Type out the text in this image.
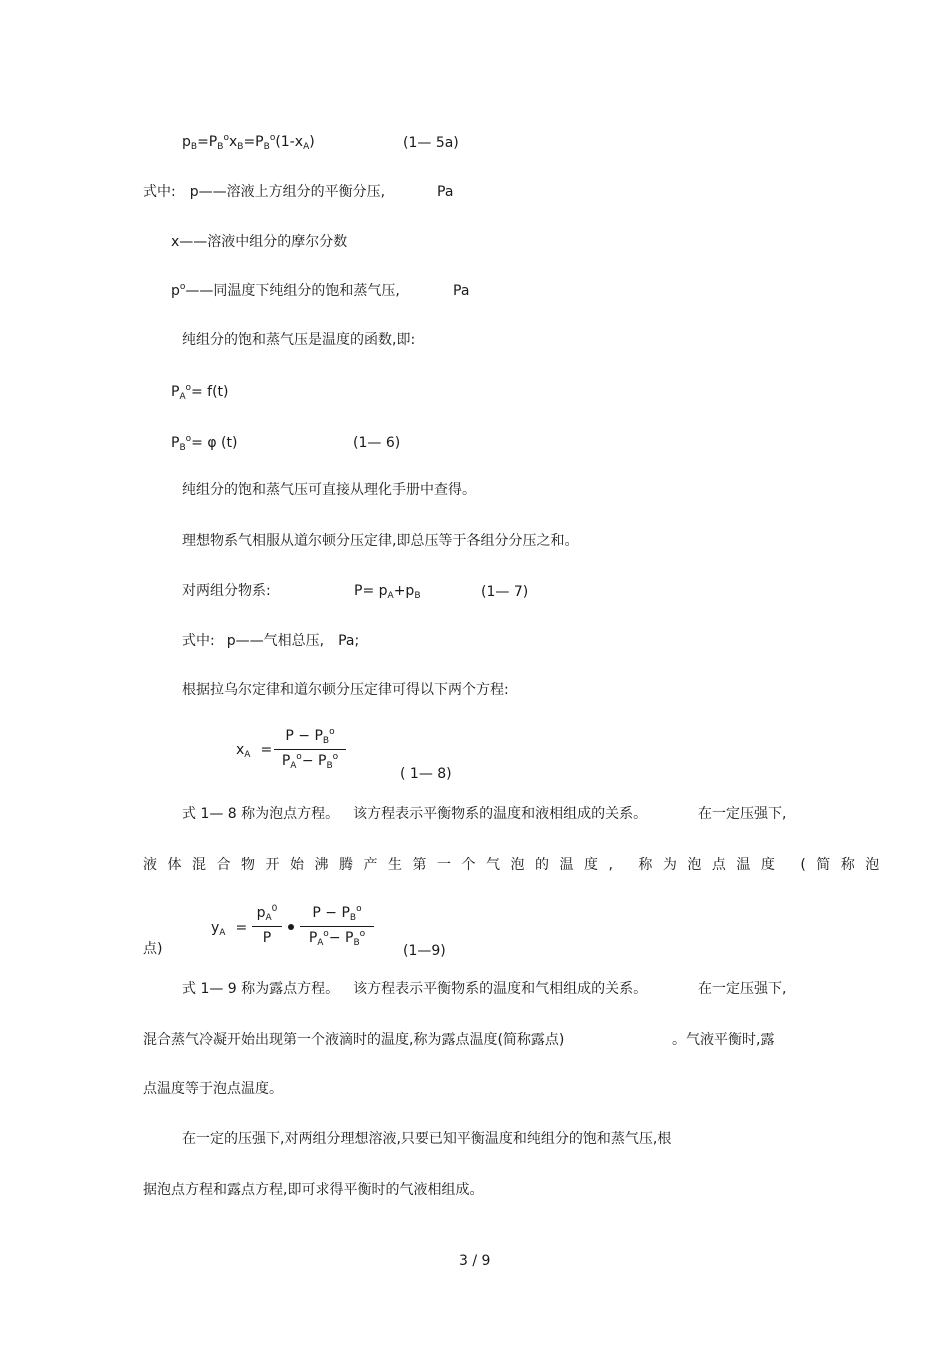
$p_B=P_B^ox_B=P_B^o(1-x_A)$	(1— 5a)
式中: p——溶液上方组分的平衡分压,	Pa
x——溶液中组分的摩尔分数
$p^o——$同温度下纯组分的饱和蒸气压,	Pa
纯组分的饱和蒸气压是温度的函数,即:
$P_A^o= f(t)$
$P_B^o= \varphi$ (t)	(1— 6)
纯组分的饱和蒸气压可直接从理化手册中查得。
理想物系气相服从道尔顿分压定律,即总压等于各组分分压之和。
对两组分物系:	$P= p_A+p_B$	(1— 7)
式中: p——气相总压, Pa;
根据拉乌尔定律和道尔顿分压定律可得以下两个方程:
$x_A$ =
$P - P_B^o$
$P_A^o- P_B^o$
( 1— 8)
式 1— 8 称为泡点方程。 该方程表示平衡物系的温度和液相组成的关系。	在一定压强下,
液体混合物开始沸腾产生第一个气泡的温度, 称为泡点温度 (简称泡
点)
$y_A$ =
$p_A^0$
P
$P - P_B^o$
$P_A^o- P_B^o$
(1—9)
式 1— 9 称为露点方程。 该方程表示平衡物系的温度和气相组成的关系。	在一定压强下,
混合蒸气冷凝开始出现第一个液滴时的温度,称为露点温度(简称露点)	。气液平衡时,露
点温度等于泡点温度。
在一定的压强下,对两组分理想溶液,只要已知平衡温度和纯组分的饱和蒸气压,根
据泡点方程和露点方程,即可求得平衡时的气液相组成。
3 / 9
